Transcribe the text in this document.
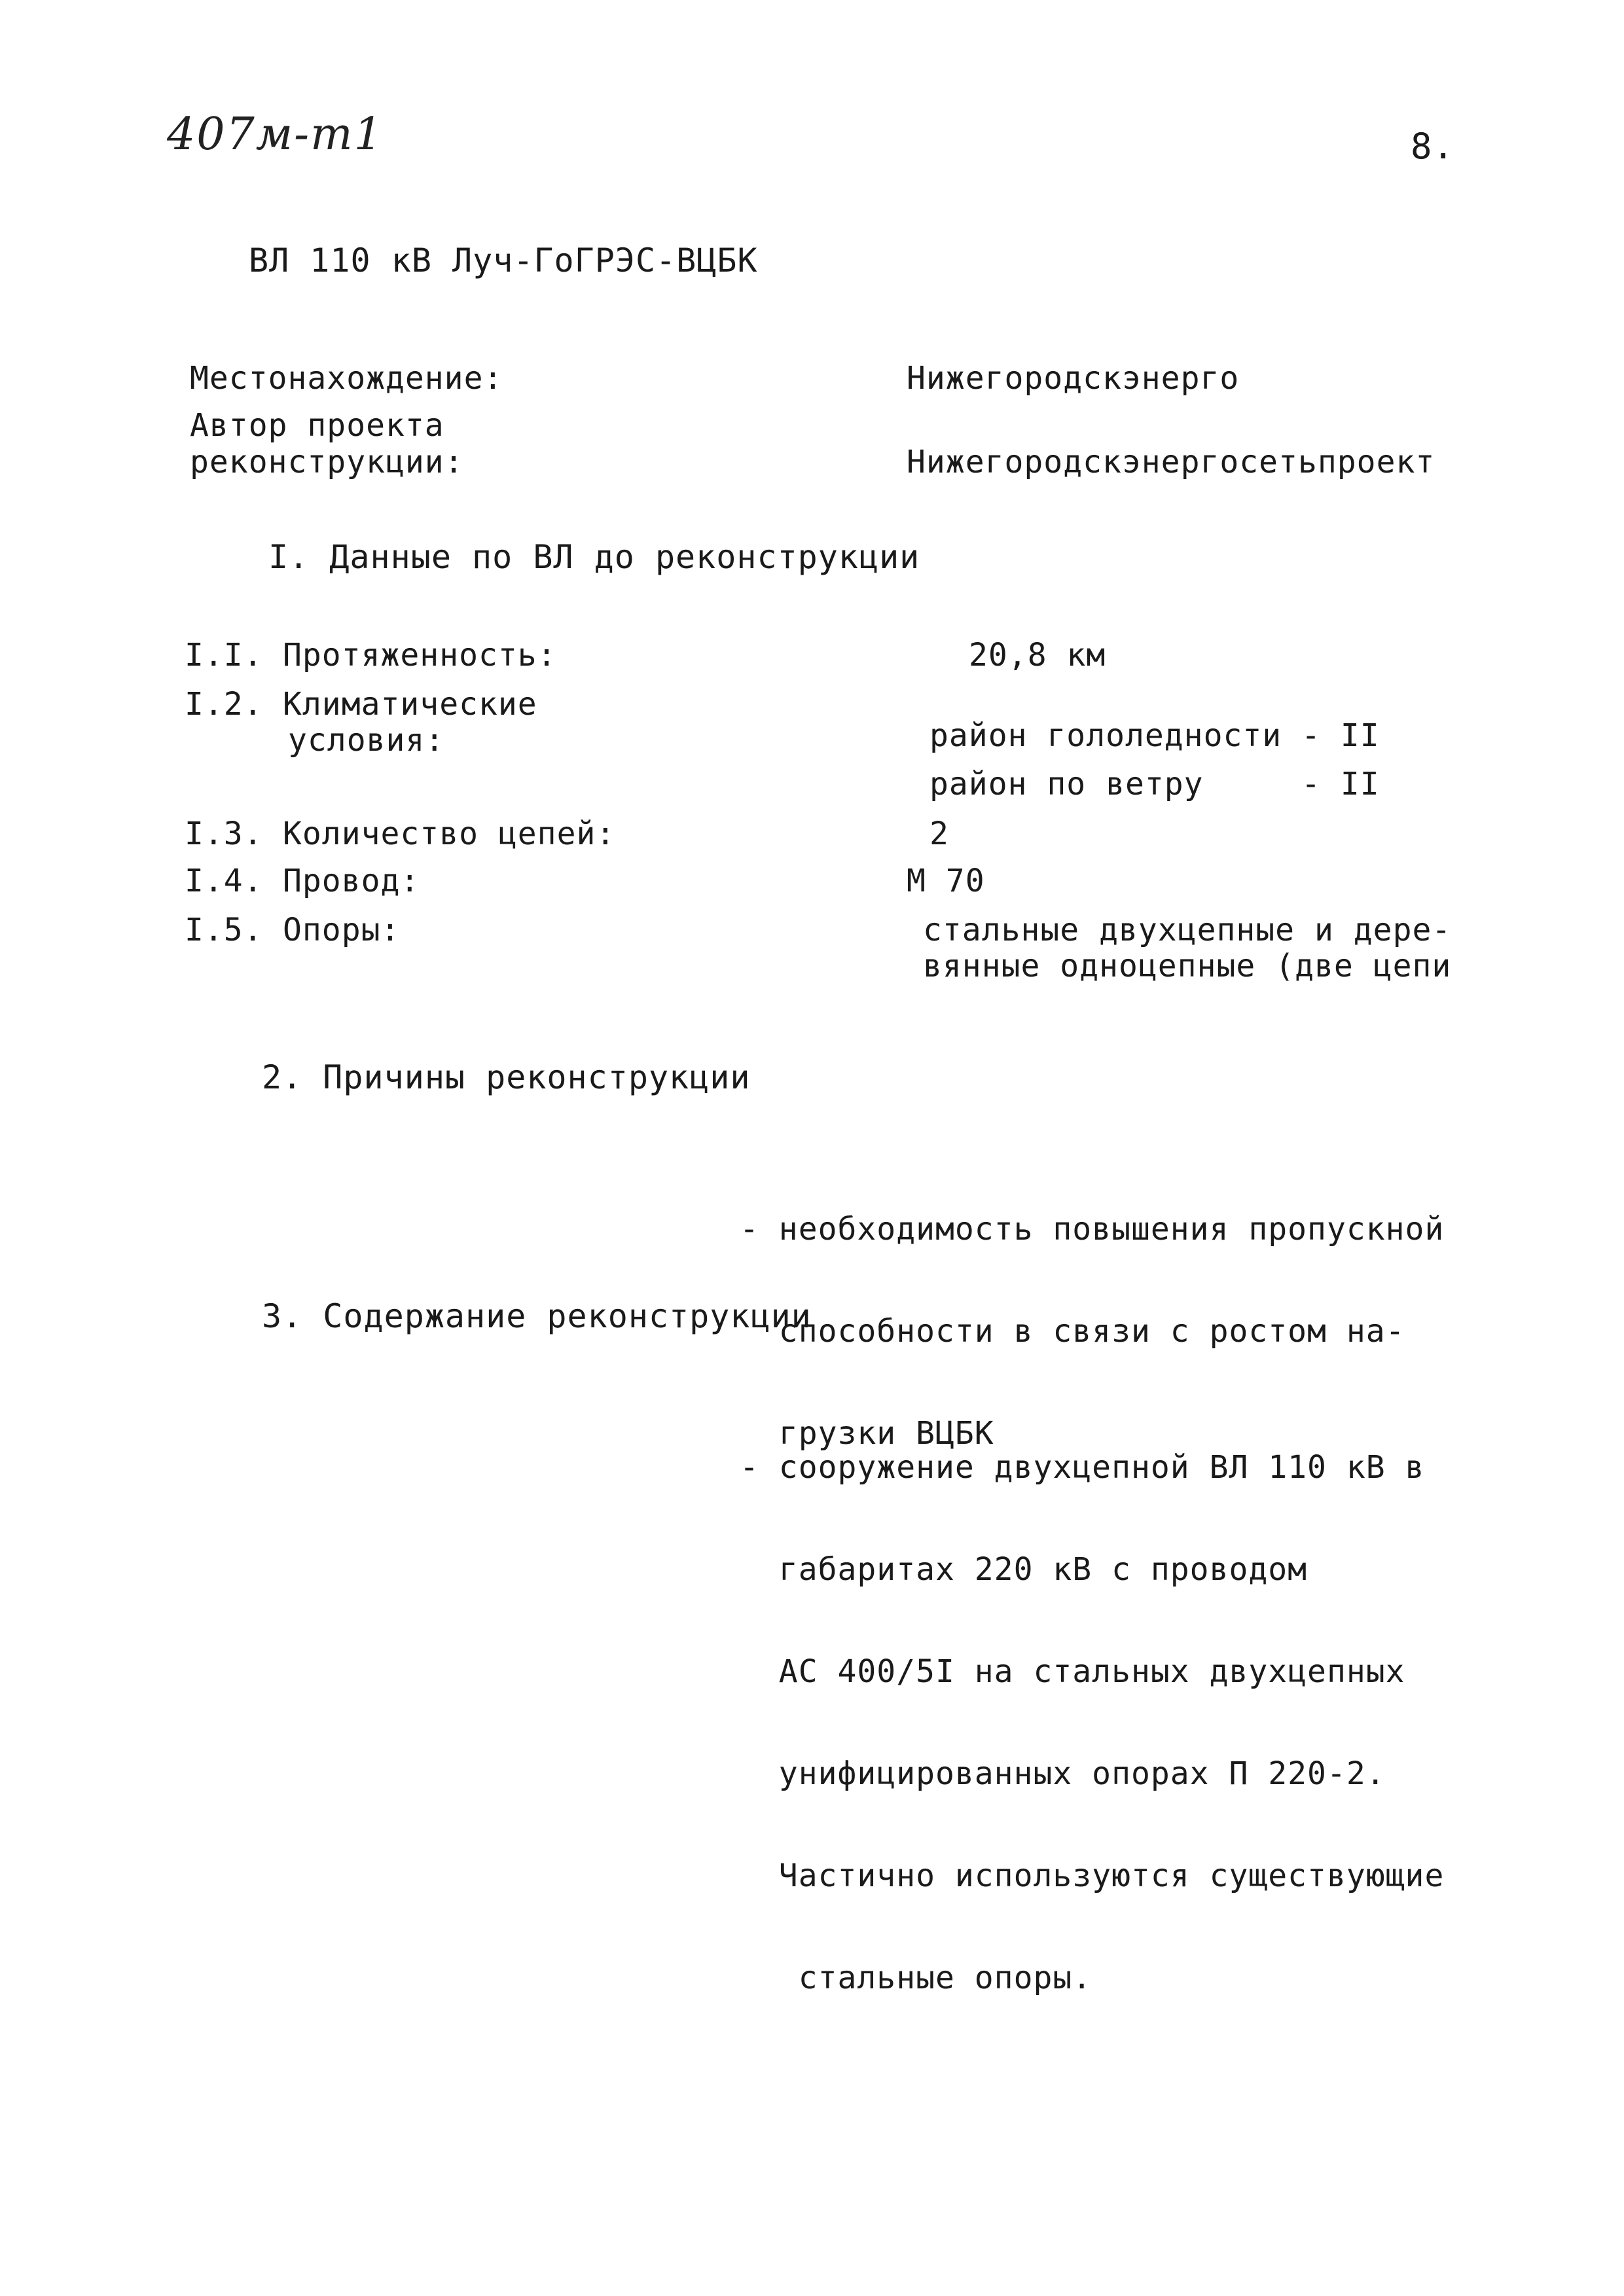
407м-т1	8.
ВЛ 110 кВ Луч-ГоГРЭС-ВЦБК
Местонахождение:	Нижегородскэнерго
Автор проекта
реконструкции:	Нижегородскэнергосетьпроект
I. Данные по ВЛ до реконструкции
I.I. Протяженность:	20,8 км
I.2. Климатические
условия:	район гололедности - II
район по ветру     - II
I.3. Количество цепей:	2
I.4. Провод:	М 70
I.5. Опоры:	стальные двухцепные и дере-
вянные одноцепные (две цепи
2. Причины реконструкции

- необходимость повышения пропускной

способности в связи с ростом на-

грузки ВЦБК

3. Содержание реконструкции

- сооружение двухцепной ВЛ 110 кВ в

габаритах 220 кВ с проводом

АС 400/5I на стальных двухцепных

унифицированных опорах П 220-2.

Частично используются существующие

стальные опоры.
